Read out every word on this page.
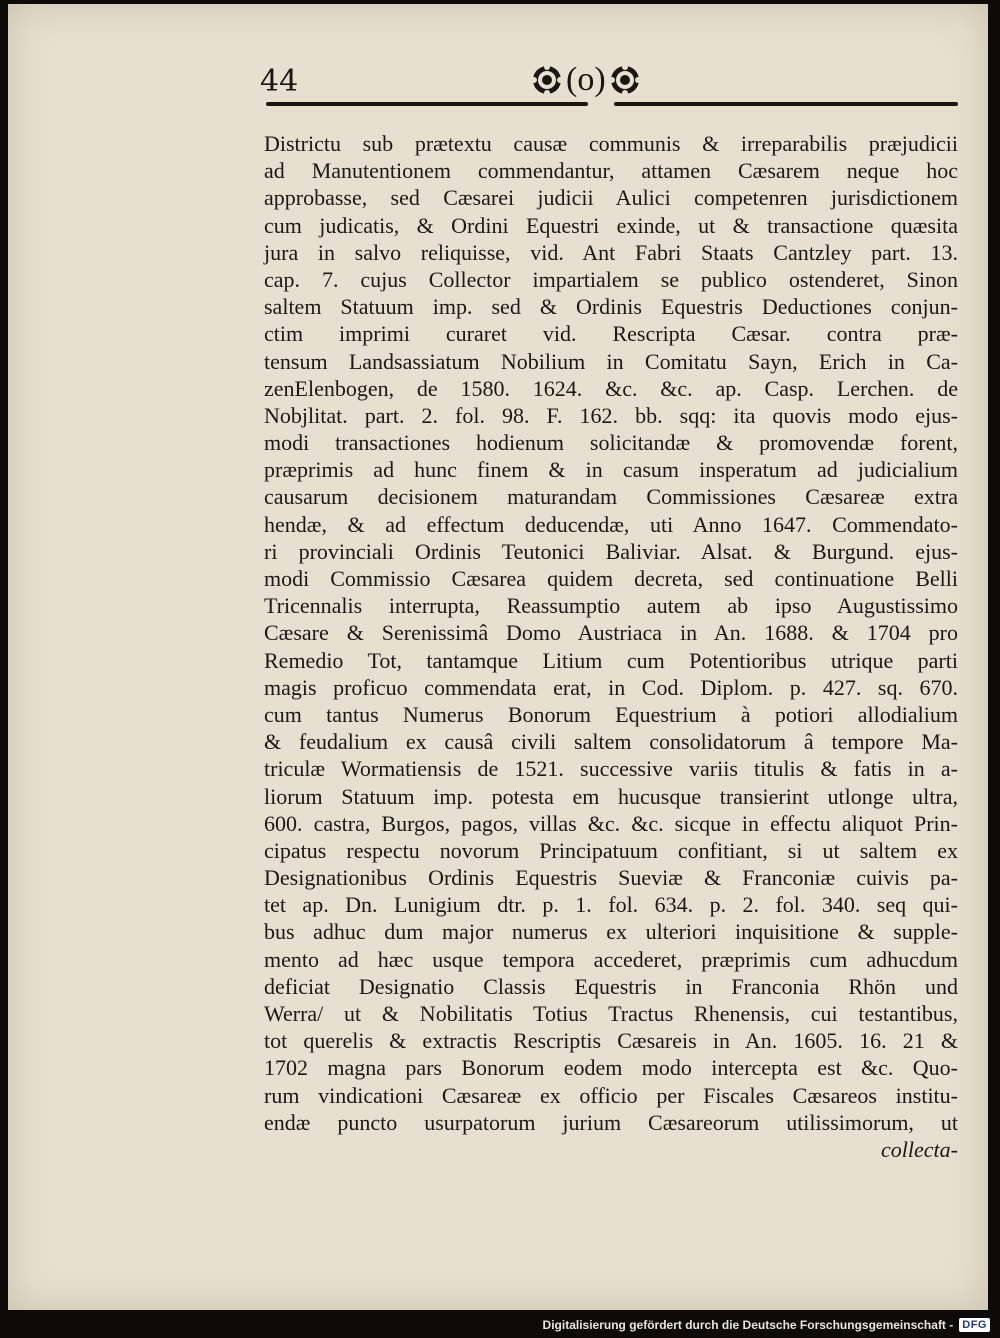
44	(o)
Districtu sub prætextu causæ communis & irreparabilis præjudicii
ad Manutentionem commendantur, attamen Cæsarem neque hoc
approbasse, sed Cæsarei judicii Aulici competenren jurisdictionem
cum judicatis, & Ordini Equestri exinde, ut & transactione quæsita
jura in salvo reliquisse, vid. Ant Fabri Staats Cantzley part. 13.
cap. 7. cujus Collector impartialem se publico ostenderet, Sinon
saltem Statuum imp. sed & Ordinis Equestris Deductiones conjun-
ctim imprimi curaret vid. Rescripta Cæsar. contra præ-
tensum Landsassiatum Nobilium in Comitatu Sayn, Erich in Ca-
zenElenbogen, de 1580. 1624. &c. &c. ap. Casp. Lerchen. de
Nobjlitat. part. 2. fol. 98. F. 162. bb. sqq: ita quovis modo ejus-
modi transactiones hodienum solicitandæ & promovendæ forent,
præprimis ad hunc finem & in casum insperatum ad judicialium
causarum decisionem maturandam Commissiones Cæsareæ extra
hendæ, & ad effectum deducendæ, uti Anno 1647. Commendato-
ri provinciali Ordinis Teutonici Baliviar. Alsat. & Burgund. ejus-
modi Commissio Cæsarea quidem decreta, sed continuatione Belli
Tricennalis interrupta, Reassumptio autem ab ipso Augustissimo
Cæsare & Serenissimâ Domo Austriaca in An. 1688. & 1704 pro
Remedio Tot, tantamque Litium cum Potentioribus utrique parti
magis proficuo commendata erat, in Cod. Diplom. p. 427. sq. 670.
cum tantus Numerus Bonorum Equestrium à potiori allodialium
& feudalium ex causâ civili saltem consolidatorum â tempore Ma-
triculæ Wormatiensis de 1521. successive variis titulis & fatis in a-
liorum Statuum imp. potesta em hucusque transierint utlonge ultra,
600. castra, Burgos, pagos, villas &c. &c. sicque in effectu aliquot Prin-
cipatus respectu novorum Principatuum confitiant, si ut saltem ex
Designationibus Ordinis Equestris Sueviæ & Franconiæ cuivis pa-
tet ap. Dn. Lunigium dtr. p. 1. fol. 634. p. 2. fol. 340. seq qui-
bus adhuc dum major numerus ex ulteriori inquisitione & supple-
mento ad hæc usque tempora accederet, præprimis cum adhucdum
deficiat Designatio Classis Equestris in Franconia Rhön und
Werra/ ut & Nobilitatis Totius Tractus Rhenensis, cui testantibus,
tot querelis & extractis Rescriptis Cæsareis in An. 1605. 16. 21 &
1702 magna pars Bonorum eodem modo intercepta est &c. Quo-
rum vindicationi Cæsareæ ex officio per Fiscales Cæsareos institu-
endæ puncto usurpatorum jurium Cæsareorum utilissimorum, ut
collecta-
Digitalisierung gefördert durch die Deutsche Forschungsgemeinschaft - DFG
